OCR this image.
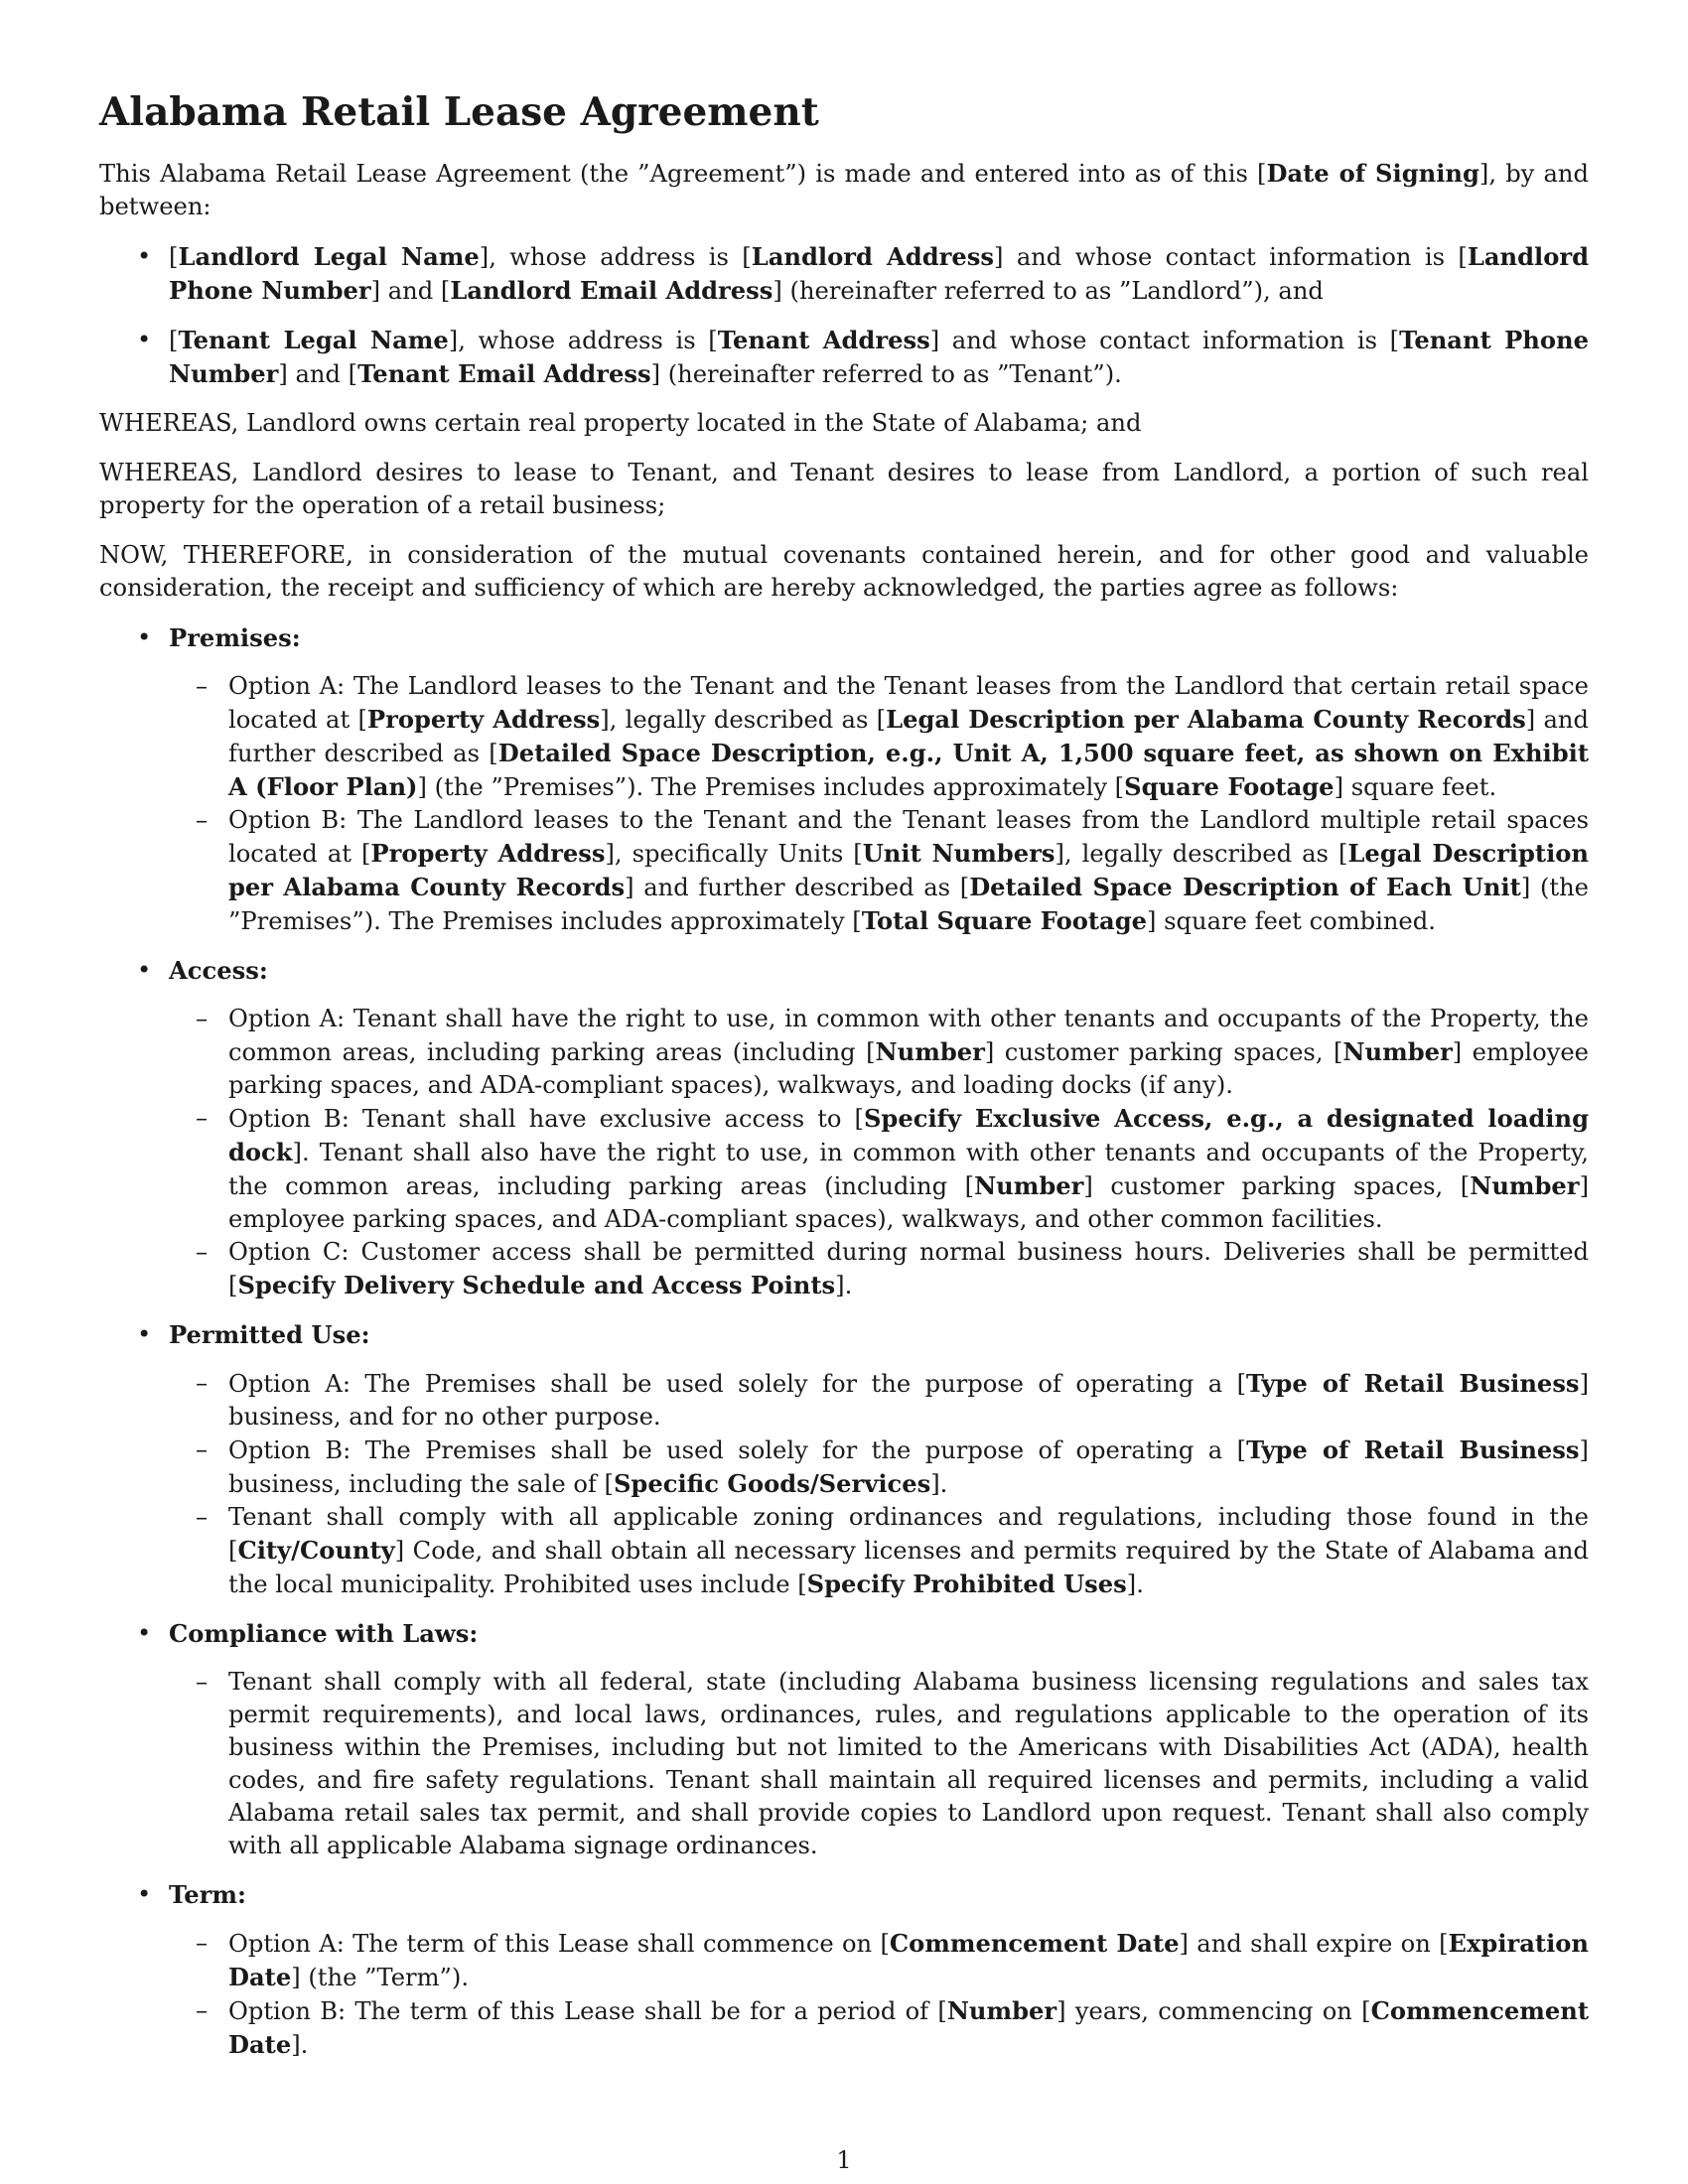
Alabama Retail Lease Agreement

This Alabama Retail Lease Agreement (the ”Agreement”) is made and entered into as of this [Date of Signing], by and between:

• [Landlord Legal Name], whose address is [Landlord Address] and whose contact information is [Landlord Phone Number] and [Landlord Email Address] (hereinafter referred to as ”Landlord”), and
• [Tenant Legal Name], whose address is [Tenant Address] and whose contact information is [Tenant Phone Number] and [Tenant Email Address] (hereinafter referred to as ”Tenant”).

WHEREAS, Landlord owns certain real property located in the State of Alabama; and

WHEREAS, Landlord desires to lease to Tenant, and Tenant desires to lease from Landlord, a portion of such real property for the operation of a retail business;

NOW, THEREFORE, in consideration of the mutual covenants contained herein, and for other good and valuable consideration, the receipt and sufficiency of which are hereby acknowledged, the parties agree as follows:

• Premises:
– Option A: The Landlord leases to the Tenant and the Tenant leases from the Landlord that certain retail space located at [Property Address], legally described as [Legal Description per Alabama County Records] and further described as [Detailed Space Description, e.g., Unit A, 1,500 square feet, as shown on Exhibit A (Floor Plan)] (the ”Premises”). The Premises includes approximately [Square Footage] square feet.
– Option B: The Landlord leases to the Tenant and the Tenant leases from the Landlord multiple retail spaces located at [Property Address], specifically Units [Unit Numbers], legally described as [Legal Description per Alabama County Records] and further described as [Detailed Space Description of Each Unit] (the ”Premises”). The Premises includes approximately [Total Square Footage] square feet combined.
• Access:
– Option A: Tenant shall have the right to use, in common with other tenants and occupants of the Property, the common areas, including parking areas (including [Number] customer parking spaces, [Number] employee parking spaces, and ADA-compliant spaces), walkways, and loading docks (if any).
– Option B: Tenant shall have exclusive access to [Specify Exclusive Access, e.g., a designated loading dock]. Tenant shall also have the right to use, in common with other tenants and occupants of the Property, the common areas, including parking areas (including [Number] customer parking spaces, [Number] employee parking spaces, and ADA-compliant spaces), walkways, and other common facilities.
– Option C: Customer access shall be permitted during normal business hours. Deliveries shall be permitted [Specify Delivery Schedule and Access Points].
• Permitted Use:
– Option A: The Premises shall be used solely for the purpose of operating a [Type of Retail Business] business, and for no other purpose.
– Option B: The Premises shall be used solely for the purpose of operating a [Type of Retail Business] business, including the sale of [Specific Goods/Services].
– Tenant shall comply with all applicable zoning ordinances and regulations, including those found in the [City/County] Code, and shall obtain all necessary licenses and permits required by the State of Alabama and the local municipality. Prohibited uses include [Specify Prohibited Uses].
• Compliance with Laws:
– Tenant shall comply with all federal, state (including Alabama business licensing regulations and sales tax permit requirements), and local laws, ordinances, rules, and regulations applicable to the operation of its business within the Premises, including but not limited to the Americans with Disabilities Act (ADA), health codes, and fire safety regulations. Tenant shall maintain all required licenses and permits, including a valid Alabama retail sales tax permit, and shall provide copies to Landlord upon request. Tenant shall also comply with all applicable Alabama signage ordinances.
• Term:
– Option A: The term of this Lease shall commence on [Commencement Date] and shall expire on [Expiration Date] (the ”Term”).
– Option B: The term of this Lease shall be for a period of [Number] years, commencing on [Commencement Date].
1
